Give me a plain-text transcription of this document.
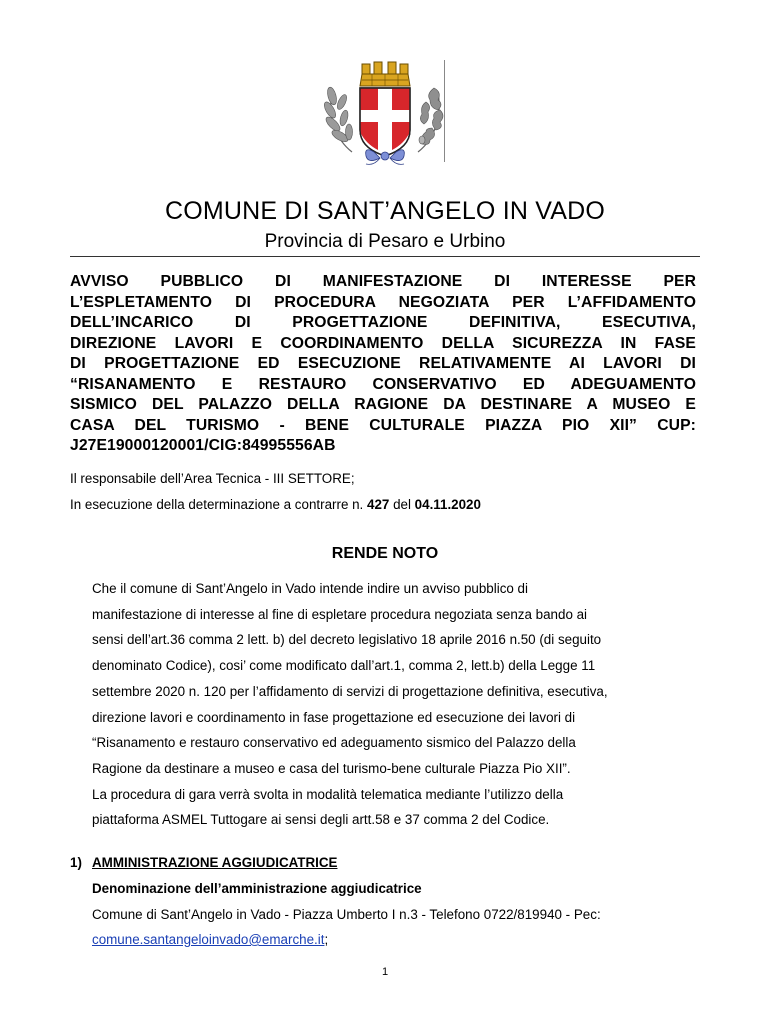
COMUNE DI SANT’ANGELO IN VADO
Provincia di Pesaro e Urbino
AVVISO PUBBLICO DI MANIFESTAZIONE DI INTERESSE PER
L’ESPLETAMENTO DI PROCEDURA NEGOZIATA PER L’AFFIDAMENTO
DELL’INCARICO DI PROGETTAZIONE DEFINITIVA, ESECUTIVA,
DIREZIONE LAVORI E COORDINAMENTO DELLA SICUREZZA IN FASE
DI PROGETTAZIONE ED ESECUZIONE RELATIVAMENTE AI LAVORI DI
“RISANAMENTO E RESTAURO CONSERVATIVO ED ADEGUAMENTO
SISMICO DEL PALAZZO DELLA RAGIONE DA DESTINARE A MUSEO E
CASA DEL TURISMO - BENE CULTURALE PIAZZA PIO XII” CUP:
J27E19000120001/CIG:84995556AB
Il responsabile dell’Area Tecnica - III SETTORE;
In esecuzione della determinazione a contrarre n. 427 del 04.11.2020
RENDE NOTO
Che il comune di Sant’Angelo in Vado intende indire un avviso pubblico di
manifestazione di interesse al fine di espletare procedura negoziata senza bando ai
sensi dell’art.36 comma 2 lett. b) del decreto legislativo 18 aprile 2016 n.50 (di seguito
denominato Codice), cosi’ come modificato dall’art.1, comma 2, lett.b) della Legge 11
settembre 2020 n. 120 per l’affidamento di servizi di progettazione definitiva, esecutiva,
direzione lavori e coordinamento in fase progettazione ed esecuzione dei lavori di
“Risanamento e restauro conservativo ed adeguamento sismico del Palazzo della
Ragione da destinare a museo e casa del turismo-bene culturale Piazza Pio XII”.
La procedura di gara verrà svolta in modalità telematica mediante l’utilizzo della
piattaforma ASMEL Tuttogare ai sensi degli artt.58 e 37 comma 2 del Codice.
1) AMMINISTRAZIONE AGGIUDICATRICE
Denominazione dell’amministrazione aggiudicatrice
Comune di Sant’Angelo in Vado - Piazza Umberto I n.3 - Telefono 0722/819940 - Pec:
comune.santangeloinvado@emarche.it;
1
